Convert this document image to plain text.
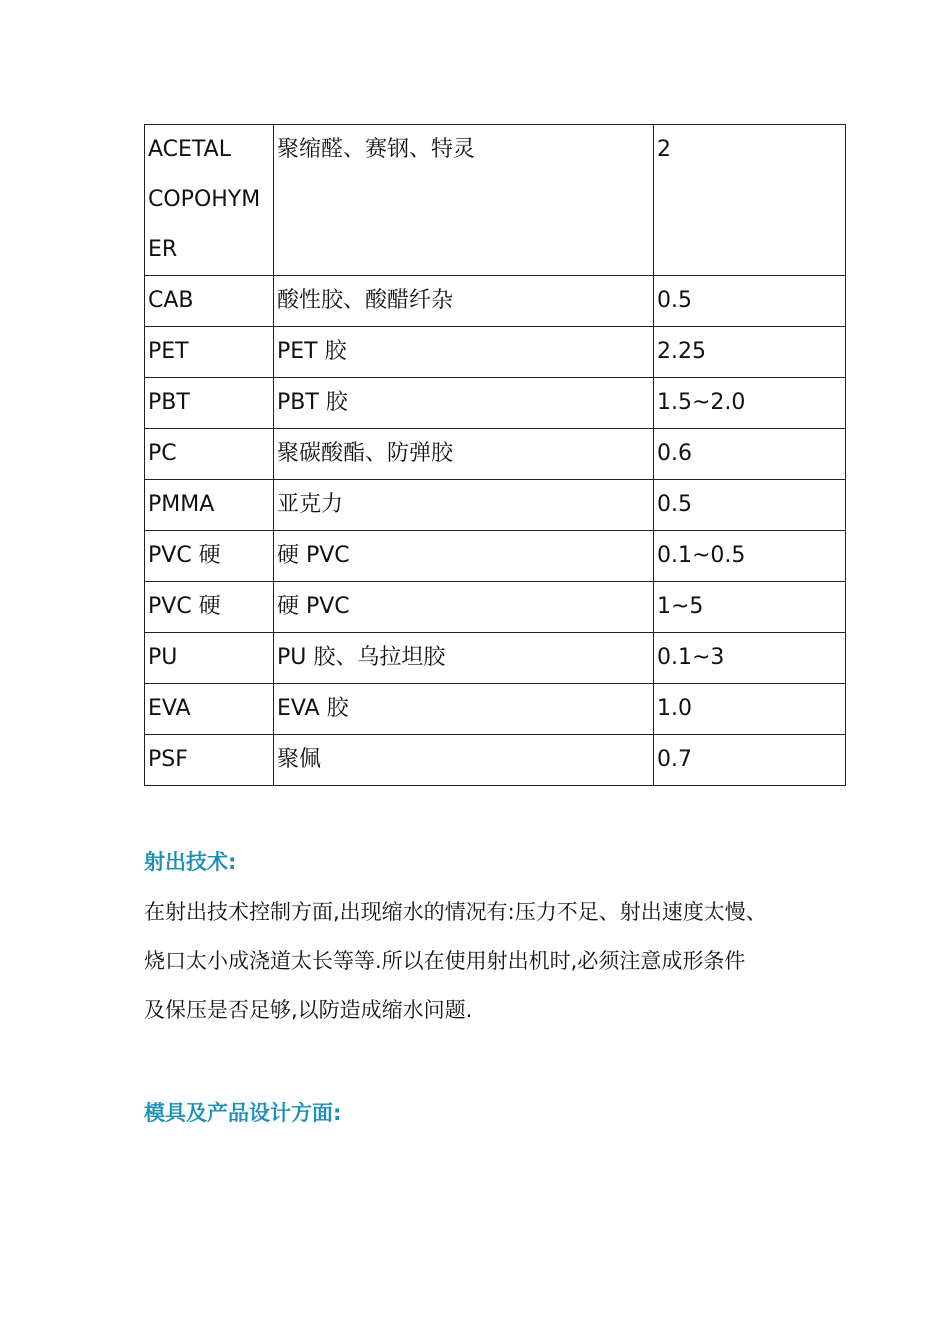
ACETAL
COPOHYM
ER	聚缩醛、赛钢、特灵	2
CAB	酸性胶、酸醋纤杂	0.5
PET	PET 胶	2.25
PBT	PBT 胶	1.5~2.0
PC	聚碳酸酯、防弹胶	0.6
PMMA	亚克力	0.5
PVC 硬	硬 PVC	0.1~0.5
PVC 硬	硬 PVC	1~5
PU	PU 胶、乌拉坦胶	0.1~3
EVA	EVA 胶	1.0
PSF	聚佩	0.7
射出技术:
在射出技术控制方面,出现缩水的情况有:压力不足、射出速度太慢、
烧口太小成浇道太长等等.所以在使用射出机时,必须注意成形条件
及保压是否足够,以防造成缩水问题.
模具及产品设计方面:
